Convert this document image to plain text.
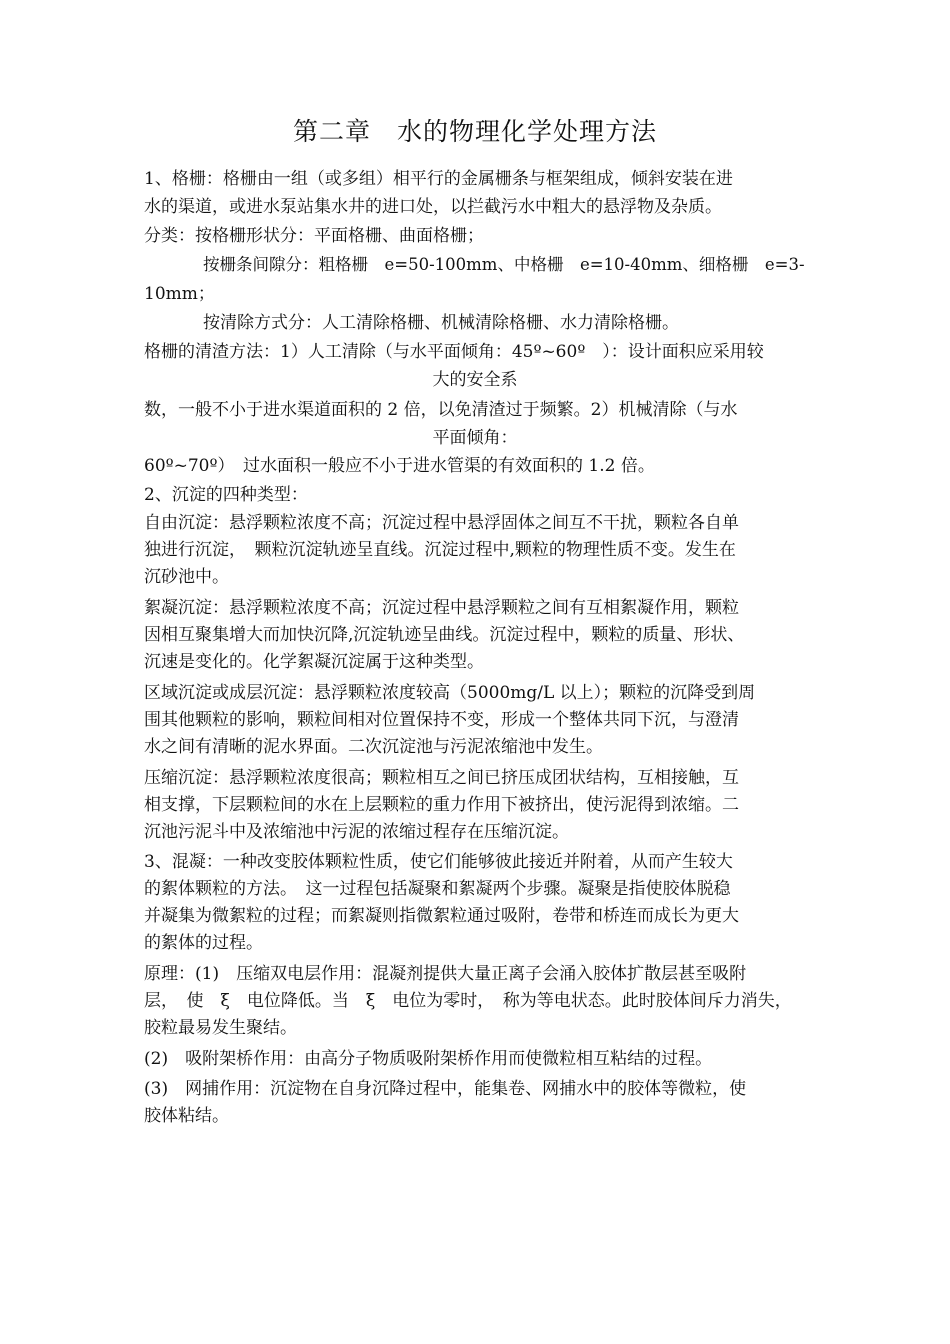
第二章　水的物理化学处理方法
1、格栅：格栅由一组（或多组）相平行的金属栅条与框架组成，倾斜安装在进
水的渠道，或进水泵站集水井的进口处，以拦截污水中粗大的悬浮物及杂质。
分类：按格栅形状分：平面格栅、曲面格栅；
按栅条间隙分：粗格栅　e=50-100mm、中格栅　e=10-40mm、细格栅　e=3-
10mm；
按清除方式分：人工清除格栅、机械清除格栅、水力清除格栅。
格栅的清渣方法：1）人工清除（与水平面倾角：45º~60º　）：设计面积应采用较
大的安全系
数，一般不小于进水渠道面积的 2 倍，以免清渣过于频繁。2）机械清除（与水
平面倾角：
60º~70º）　过水面积一般应不小于进水管渠的有效面积的 1.2 倍。
2、沉淀的四种类型：
自由沉淀：悬浮颗粒浓度不高；沉淀过程中悬浮固体之间互不干扰，颗粒各自单
独进行沉淀，　颗粒沉淀轨迹呈直线。沉淀过程中,颗粒的物理性质不变。发生在
沉砂池中。
絮凝沉淀：悬浮颗粒浓度不高；沉淀过程中悬浮颗粒之间有互相絮凝作用，颗粒
因相互聚集增大而加快沉降,沉淀轨迹呈曲线。沉淀过程中，颗粒的质量、形状、
沉速是变化的。化学絮凝沉淀属于这种类型。
区域沉淀或成层沉淀：悬浮颗粒浓度较高（5000mg/L 以上）；颗粒的沉降受到周
围其他颗粒的影响，颗粒间相对位置保持不变，形成一个整体共同下沉，与澄清
水之间有清晰的泥水界面。二次沉淀池与污泥浓缩池中发生。
压缩沉淀：悬浮颗粒浓度很高；颗粒相互之间已挤压成团状结构，互相接触，互
相支撑，下层颗粒间的水在上层颗粒的重力作用下被挤出，使污泥得到浓缩。二
沉池污泥斗中及浓缩池中污泥的浓缩过程存在压缩沉淀。
3、混凝：一种改变胶体颗粒性质，使它们能够彼此接近并附着，从而产生较大
的絮体颗粒的方法。　这一过程包括凝聚和絮凝两个步骤。凝聚是指使胶体脱稳
并凝集为微絮粒的过程；而絮凝则指微絮粒通过吸附，卷带和桥连而成长为更大
的絮体的过程。
原理：(1)　压缩双电层作用：混凝剂提供大量正离子会涌入胶体扩散层甚至吸附
层，　使　ξ　电位降低。当　ξ　电位为零时，　称为等电状态。此时胶体间斥力消失，
胶粒最易发生聚结。
(2)　吸附架桥作用：由高分子物质吸附架桥作用而使微粒相互粘结的过程。
(3)　网捕作用：沉淀物在自身沉降过程中，能集卷、网捕水中的胶体等微粒，使
胶体粘结。
